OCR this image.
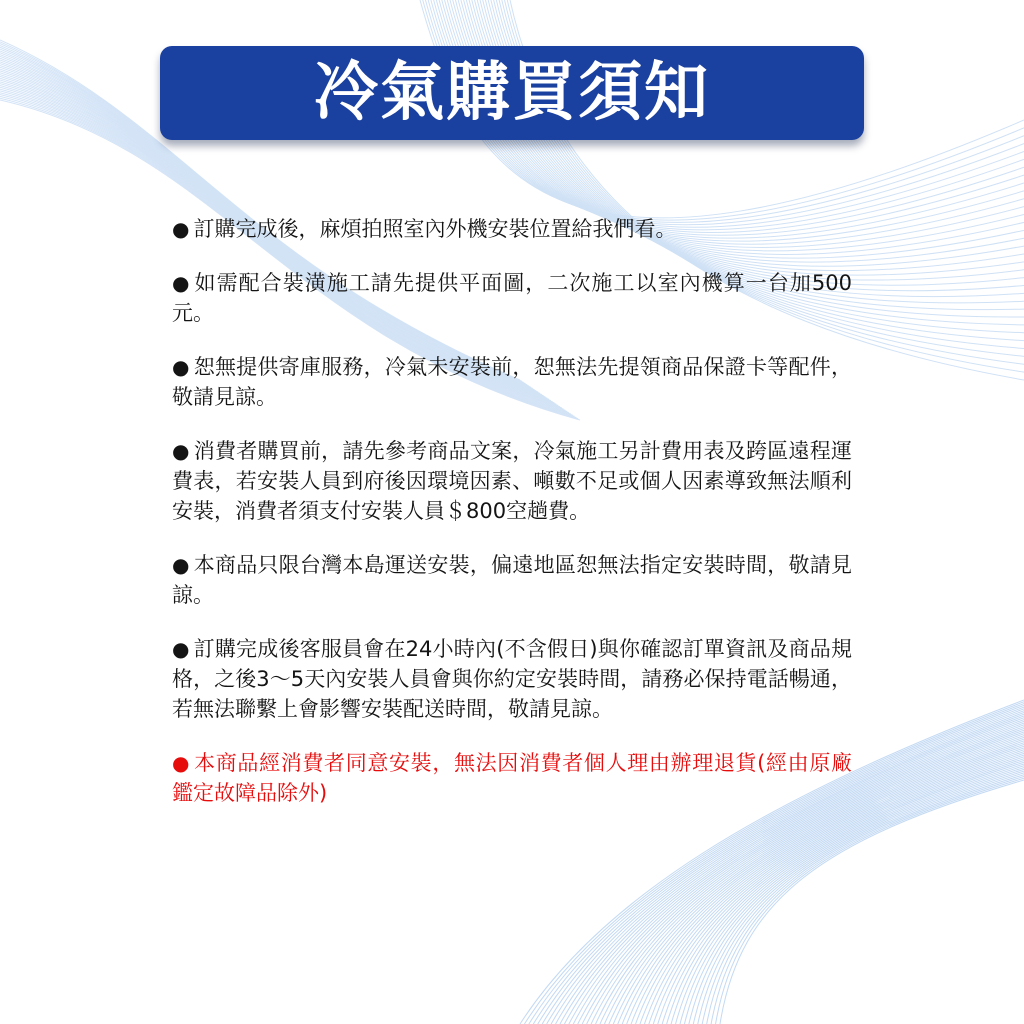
冷氣購買須知
● 訂購完成後，麻煩拍照室內外機安裝位置給我們看。
● 如需配合裝潢施工請先提供平面圖，二次施工以室內機算一台加500元。
● 恕無提供寄庫服務，冷氣未安裝前，恕無法先提領商品保證卡等配件，敬請見諒。
● 消費者購買前，請先參考商品文案，冷氣施工另計費用表及跨區遠程運費表，若安裝人員到府後因環境因素、噸數不足或個人因素導致無法順利安裝，消費者須支付安裝人員＄800空趟費。
● 本商品只限台灣本島運送安裝，偏遠地區恕無法指定安裝時間，敬請見諒。
● 訂購完成後客服員會在24小時內(不含假日)與你確認訂單資訊及商品規格，之後3～5天內安裝人員會與你約定安裝時間，請務必保持電話暢通，若無法聯繫上會影響安裝配送時間，敬請見諒。
● 本商品經消費者同意安裝，無法因消費者個人理由辦理退貨(經由原廠鑑定故障品除外)
